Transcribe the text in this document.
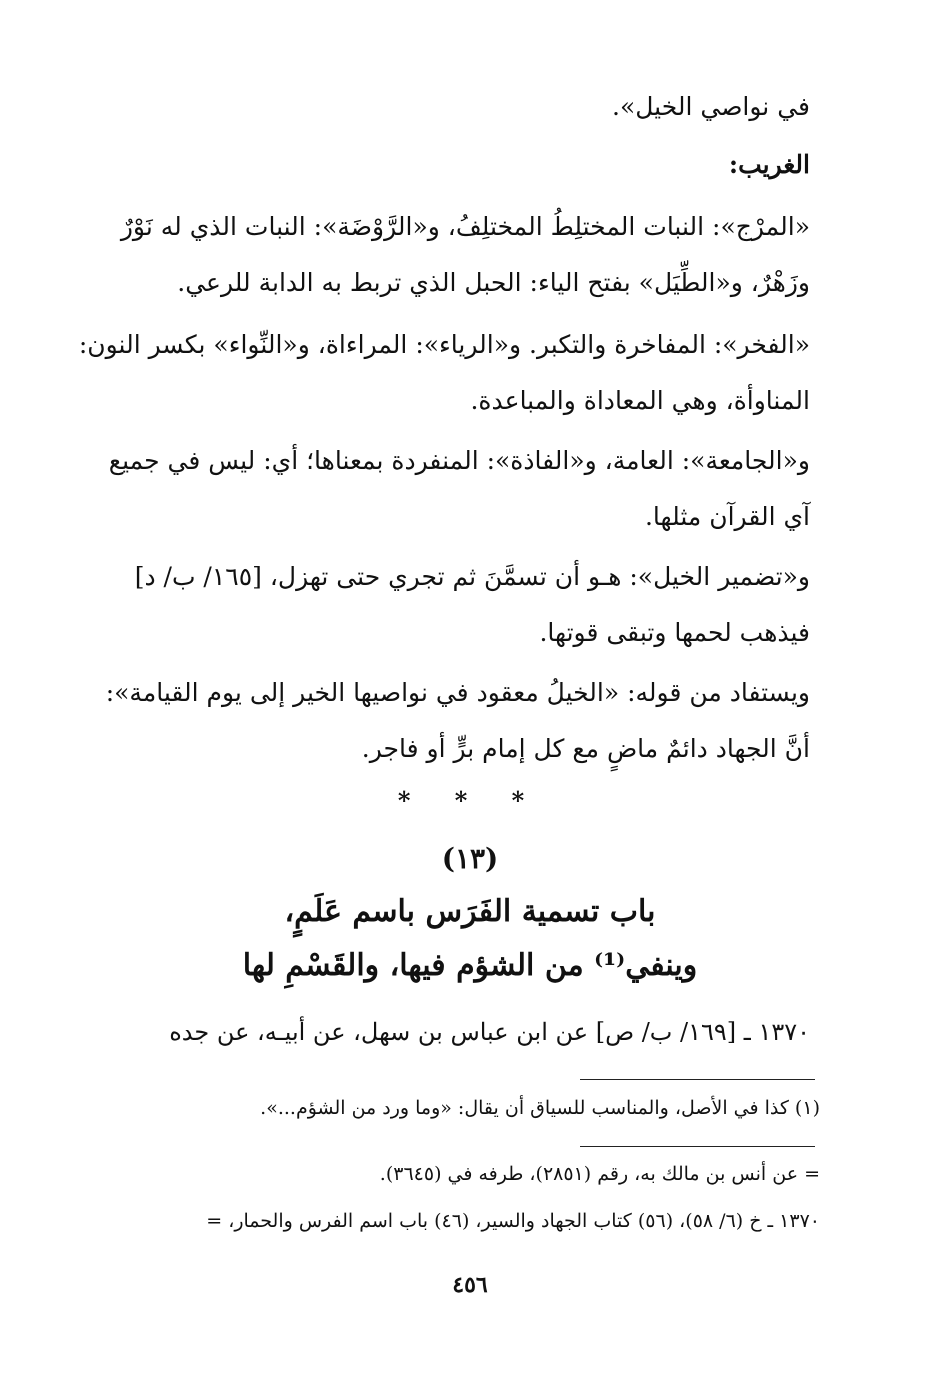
في نواصي الخيل».

الغريب:

«المرْج»: النبات المختلِطُ المختلِفُ، و«الرَّوْضَة»: النبات الذي له نَوْرٌ

وزَهْرٌ، و«الطِّيَل» بفتح الياء: الحبل الذي تربط به الدابة للرعي.

«الفخر»: المفاخرة والتكبر. و«الرياء»: المراءاة، و«النِّواء» بكسر النون:

المناوأة، وهي المعاداة والمباعدة.

و«الجامعة»: العامة، و«الفاذة»: المنفردة بمعناها؛ أي: ليس في جميع

آي القرآن مثلها.

و«تضمير الخيل»: هـو أن تسمَّنَ ثم تجري حتى تهزل، [١٦٥/ ب/ د]

فيذهب لحمها وتبقى قوتها.

ويستفاد من قوله: «الخيلُ معقود في نواصيها الخير إلى يوم القيامة»:

أنَّ الجهاد دائمٌ ماضٍ مع كل إمام برٍّ أو فاجر.

* * *

(١٣)

باب تسمية الفَرَس باسم عَلَمٍ،

وينفي⁽¹⁾ من الشؤم فيها، والقَسْمِ لها

١٣٧٠ ـ [١٦٩/ ب/ ص] عن ابن عباس بن سهل، عن أبيـه، عن جده

(١) كذا في الأصل، والمناسب للسياق أن يقال: «وما ورد من الشؤم...».

= عن أنس بن مالك به، رقم (٢٨٥١)، طرفه في (٣٦٤٥).

١٣٧٠ ـ خ (٦/ ٥٨)، (٥٦) كتاب الجهاد والسير، (٤٦) باب اسم الفرس والحمار، =

٤٥٦
